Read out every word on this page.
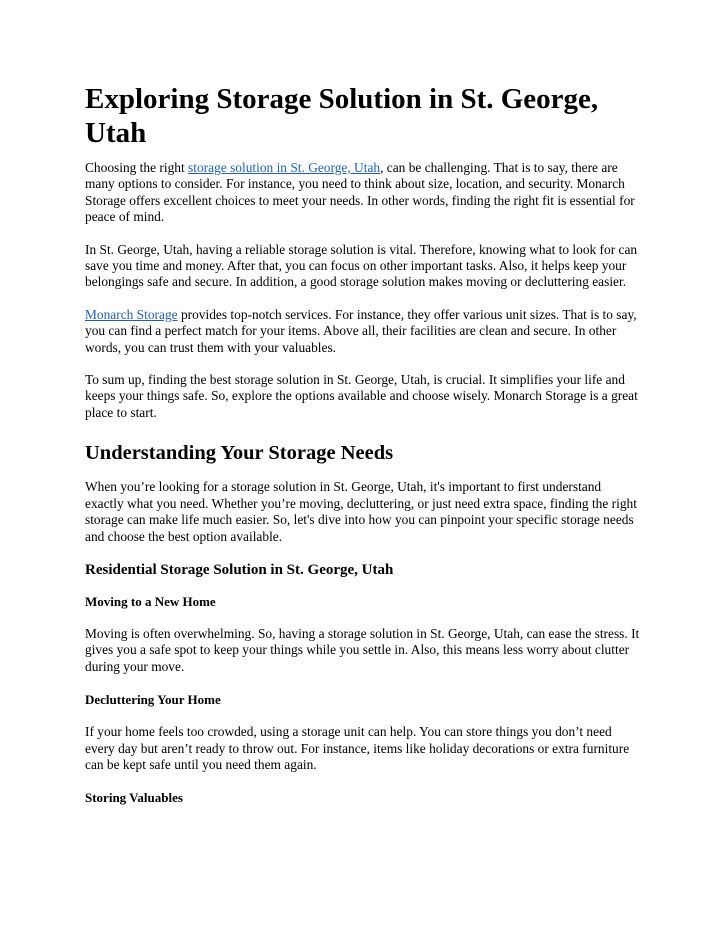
Exploring Storage Solution in St. George, Utah

Choosing the right storage solution in St. George, Utah, can be challenging. That is to say, there are many options to consider. For instance, you need to think about size, location, and security. Monarch Storage offers excellent choices to meet your needs. In other words, finding the right fit is essential for peace of mind.

In St. George, Utah, having a reliable storage solution is vital. Therefore, knowing what to look for can save you time and money. After that, you can focus on other important tasks. Also, it helps keep your belongings safe and secure. In addition, a good storage solution makes moving or decluttering easier.

Monarch Storage provides top-notch services. For instance, they offer various unit sizes. That is to say, you can find a perfect match for your items. Above all, their facilities are clean and secure. In other words, you can trust them with your valuables.

To sum up, finding the best storage solution in St. George, Utah, is crucial. It simplifies your life and keeps your things safe. So, explore the options available and choose wisely. Monarch Storage is a great place to start.

Understanding Your Storage Needs

When you’re looking for a storage solution in St. George, Utah, it's important to first understand exactly what you need. Whether you’re moving, decluttering, or just need extra space, finding the right storage can make life much easier. So, let's dive into how you can pinpoint your specific storage needs and choose the best option available.

Residential Storage Solution in St. George, Utah
Moving to a New Home

Moving is often overwhelming. So, having a storage solution in St. George, Utah, can ease the stress. It gives you a safe spot to keep your things while you settle in. Also, this means less worry about clutter during your move.

Decluttering Your Home

If your home feels too crowded, using a storage unit can help. You can store things you don’t need every day but aren’t ready to throw out. For instance, items like holiday decorations or extra furniture can be kept safe until you need them again.

Storing Valuables
